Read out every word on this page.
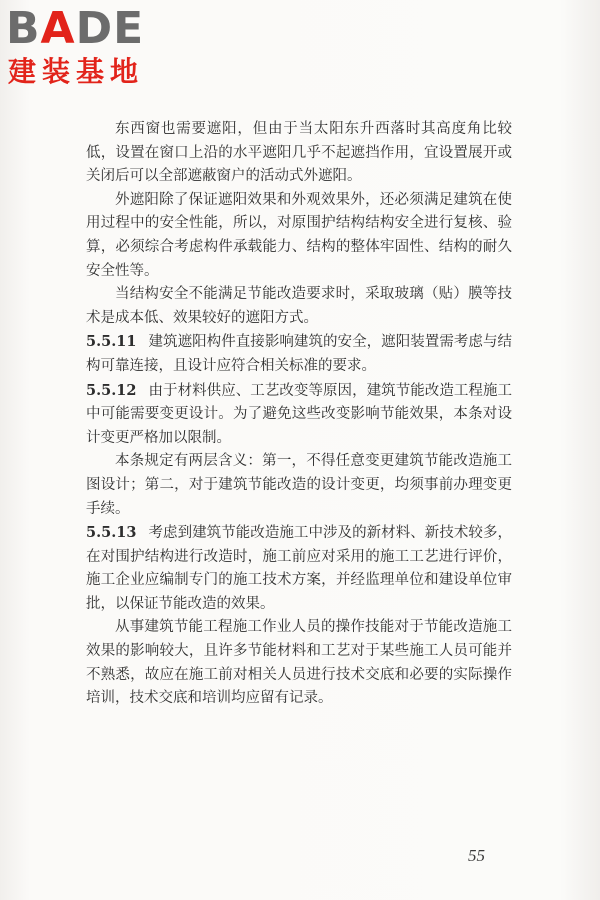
BADE
建装基地

东西窗也需要遮阳，但由于当太阳东升西落时其高度角比较低，设置在窗口上沿的水平遮阳几乎不起遮挡作用，宜设置展开或关闭后可以全部遮蔽窗户的活动式外遮阳。

外遮阳除了保证遮阳效果和外观效果外，还必须满足建筑在使用过程中的安全性能，所以，对原围护结构结构安全进行复核、验算，必须综合考虑构件承载能力、结构的整体牢固性、结构的耐久安全性等。

当结构安全不能满足节能改造要求时，采取玻璃（贴）膜等技术是成本低、效果较好的遮阳方式。

5.5.11 建筑遮阳构件直接影响建筑的安全，遮阳装置需考虑与结构可靠连接，且设计应符合相关标准的要求。

5.5.12 由于材料供应、工艺改变等原因，建筑节能改造工程施工中可能需要变更设计。为了避免这些改变影响节能效果，本条对设计变更严格加以限制。

本条规定有两层含义：第一，不得任意变更建筑节能改造施工图设计；第二，对于建筑节能改造的设计变更，均须事前办理变更手续。

5.5.13 考虑到建筑节能改造施工中涉及的新材料、新技术较多，在对围护结构进行改造时，施工前应对采用的施工工艺进行评价，施工企业应编制专门的施工技术方案，并经监理单位和建设单位审批，以保证节能改造的效果。

从事建筑节能工程施工作业人员的操作技能对于节能改造施工效果的影响较大，且许多节能材料和工艺对于某些施工人员可能并不熟悉，故应在施工前对相关人员进行技术交底和必要的实际操作培训，技术交底和培训均应留有记录。

55
